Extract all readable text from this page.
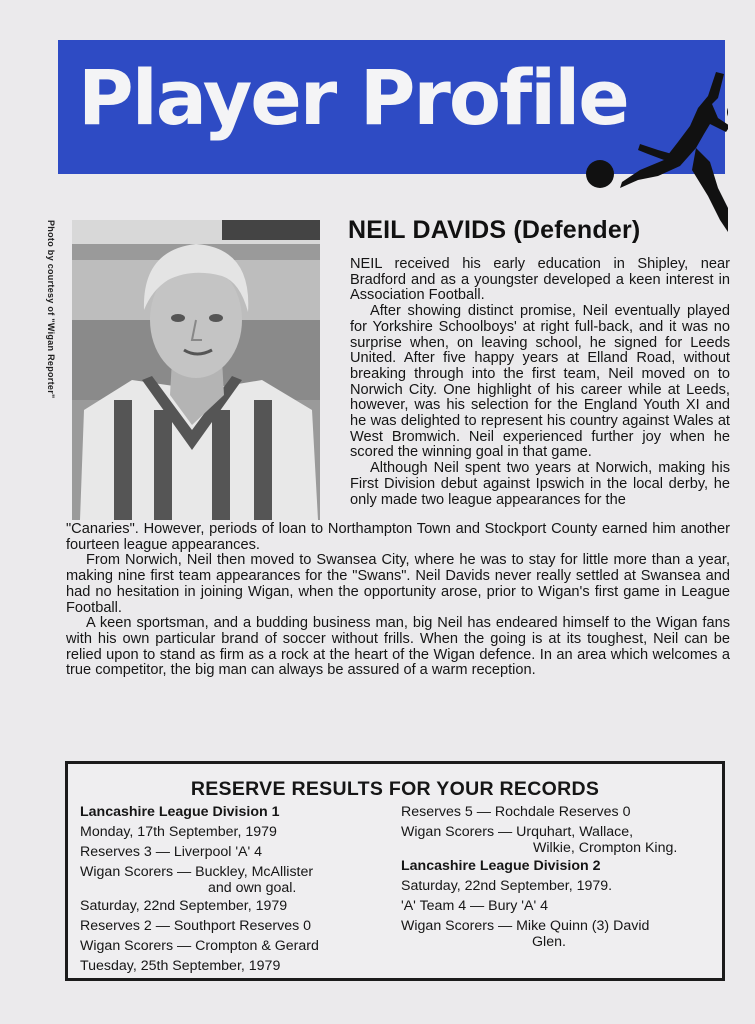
Player Profile
Photo by courtesy of "Wigan Reporter"	NEIL DAVIDS (Defender)

NEIL received his early education in Shipley, near Bradford and as a youngster developed a keen interest in Association Football.

After showing distinct promise, Neil eventually played for Yorkshire Schoolboys' at right full-back, and it was no surprise when, on leaving school, he signed for Leeds United. After five happy years at Elland Road, without breaking through into the first team, Neil moved on to Norwich City. One highlight of his career while at Leeds, however, was his selection for the England Youth XI and he was delighted to represent his country against Wales at West Bromwich. Neil experienced further joy when he scored the winning goal in that game.

Although Neil spent two years at Norwich, making his First Division debut against Ipswich in the local derby, he only made two league appearances for the

"Canaries". However, periods of loan to Northampton Town and Stockport County earned him another fourteen league appearances.

From Norwich, Neil then moved to Swansea City, where he was to stay for little more than a year, making nine first team appearances for the "Swans". Neil Davids never really settled at Swansea and had no hesitation in joining Wigan, when the opportunity arose, prior to Wigan's first game in League Football.

A keen sportsman, and a budding business man, big Neil has endeared himself to the Wigan fans with his own particular brand of soccer without frills. When the going is at its toughest, Neil can be relied upon to stand as firm as a rock at the heart of the Wigan defence. In an area which welcomes a true competitor, the big man can always be assured of a warm reception.

RESERVE RESULTS FOR YOUR RECORDS
Lancashire League Division 1
Monday, 17th September, 1979
Reserves 3 — Liverpool 'A' 4
Wigan Scorers — Buckley, McAllister
and own goal.
Saturday, 22nd September, 1979
Reserves 2 — Southport Reserves 0
Wigan Scorers — Crompton & Gerard
Tuesday, 25th September, 1979
Reserves 5 — Rochdale Reserves 0
Wigan Scorers — Urquhart, Wallace,
Wilkie, Crompton King.
Lancashire League Division 2
Saturday, 22nd September, 1979.
'A' Team 4 — Bury 'A' 4
Wigan Scorers — Mike Quinn (3) David
Glen.
